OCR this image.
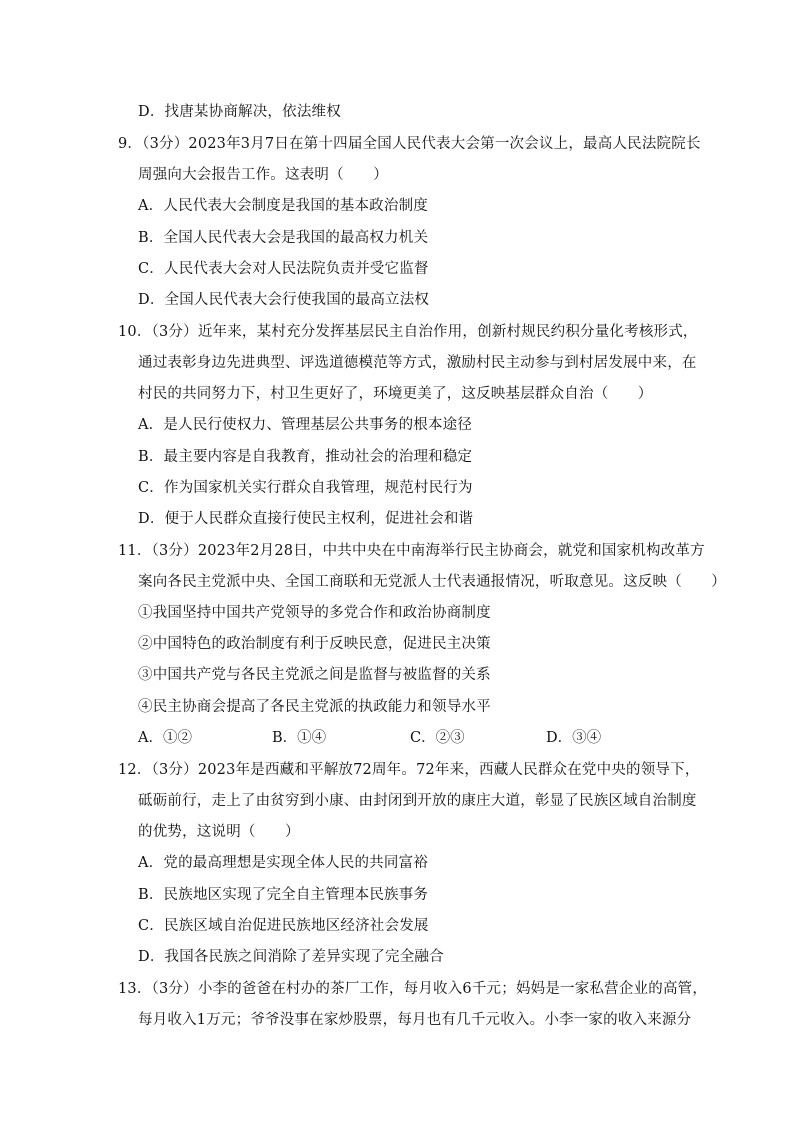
D．找唐某协商解决，依法维权
9．（3分）2023年3月7日在第十四届全国人民代表大会第一次会议上，最高人民法院院长
周强向大会报告工作。这表明（　　）
A．人民代表大会制度是我国的基本政治制度
B．全国人民代表大会是我国的最高权力机关
C．人民代表大会对人民法院负责并受它监督
D．全国人民代表大会行使我国的最高立法权
10．（3分）近年来，某村充分发挥基层民主自治作用，创新村规民约积分量化考核形式，
通过表彰身边先进典型、评选道德模范等方式，激励村民主动参与到村居发展中来，在
村民的共同努力下，村卫生更好了，环境更美了，这反映基层群众自治（　　）
A．是人民行使权力、管理基层公共事务的根本途径
B．最主要内容是自我教育，推动社会的治理和稳定
C．作为国家机关实行群众自我管理，规范村民行为
D．便于人民群众直接行使民主权利，促进社会和谐
11．（3分）2023年2月28日，中共中央在中南海举行民主协商会，就党和国家机构改革方
案向各民主党派中央、全国工商联和无党派人士代表通报情况，听取意见。这反映（　　）
①我国坚持中国共产党领导的多党合作和政治协商制度
②中国特色的政治制度有利于反映民意，促进民主决策
③中国共产党与各民主党派之间是监督与被监督的关系
④民主协商会提高了各民主党派的执政能力和领导水平
A．①②	B．①④	C．②③	D．③④
12．（3分）2023年是西藏和平解放72周年。72年来，西藏人民群众在党中央的领导下，
砥砺前行，走上了由贫穷到小康、由封闭到开放的康庄大道，彰显了民族区域自治制度
的优势，这说明（　　）
A．党的最高理想是实现全体人民的共同富裕
B．民族地区实现了完全自主管理本民族事务
C．民族区域自治促进民族地区经济社会发展
D．我国各民族之间消除了差异实现了完全融合
13．（3分）小李的爸爸在村办的茶厂工作，每月收入6千元；妈妈是一家私营企业的高管，
每月收入1万元；爷爷没事在家炒股票，每月也有几千元收入。小李一家的收入来源分
